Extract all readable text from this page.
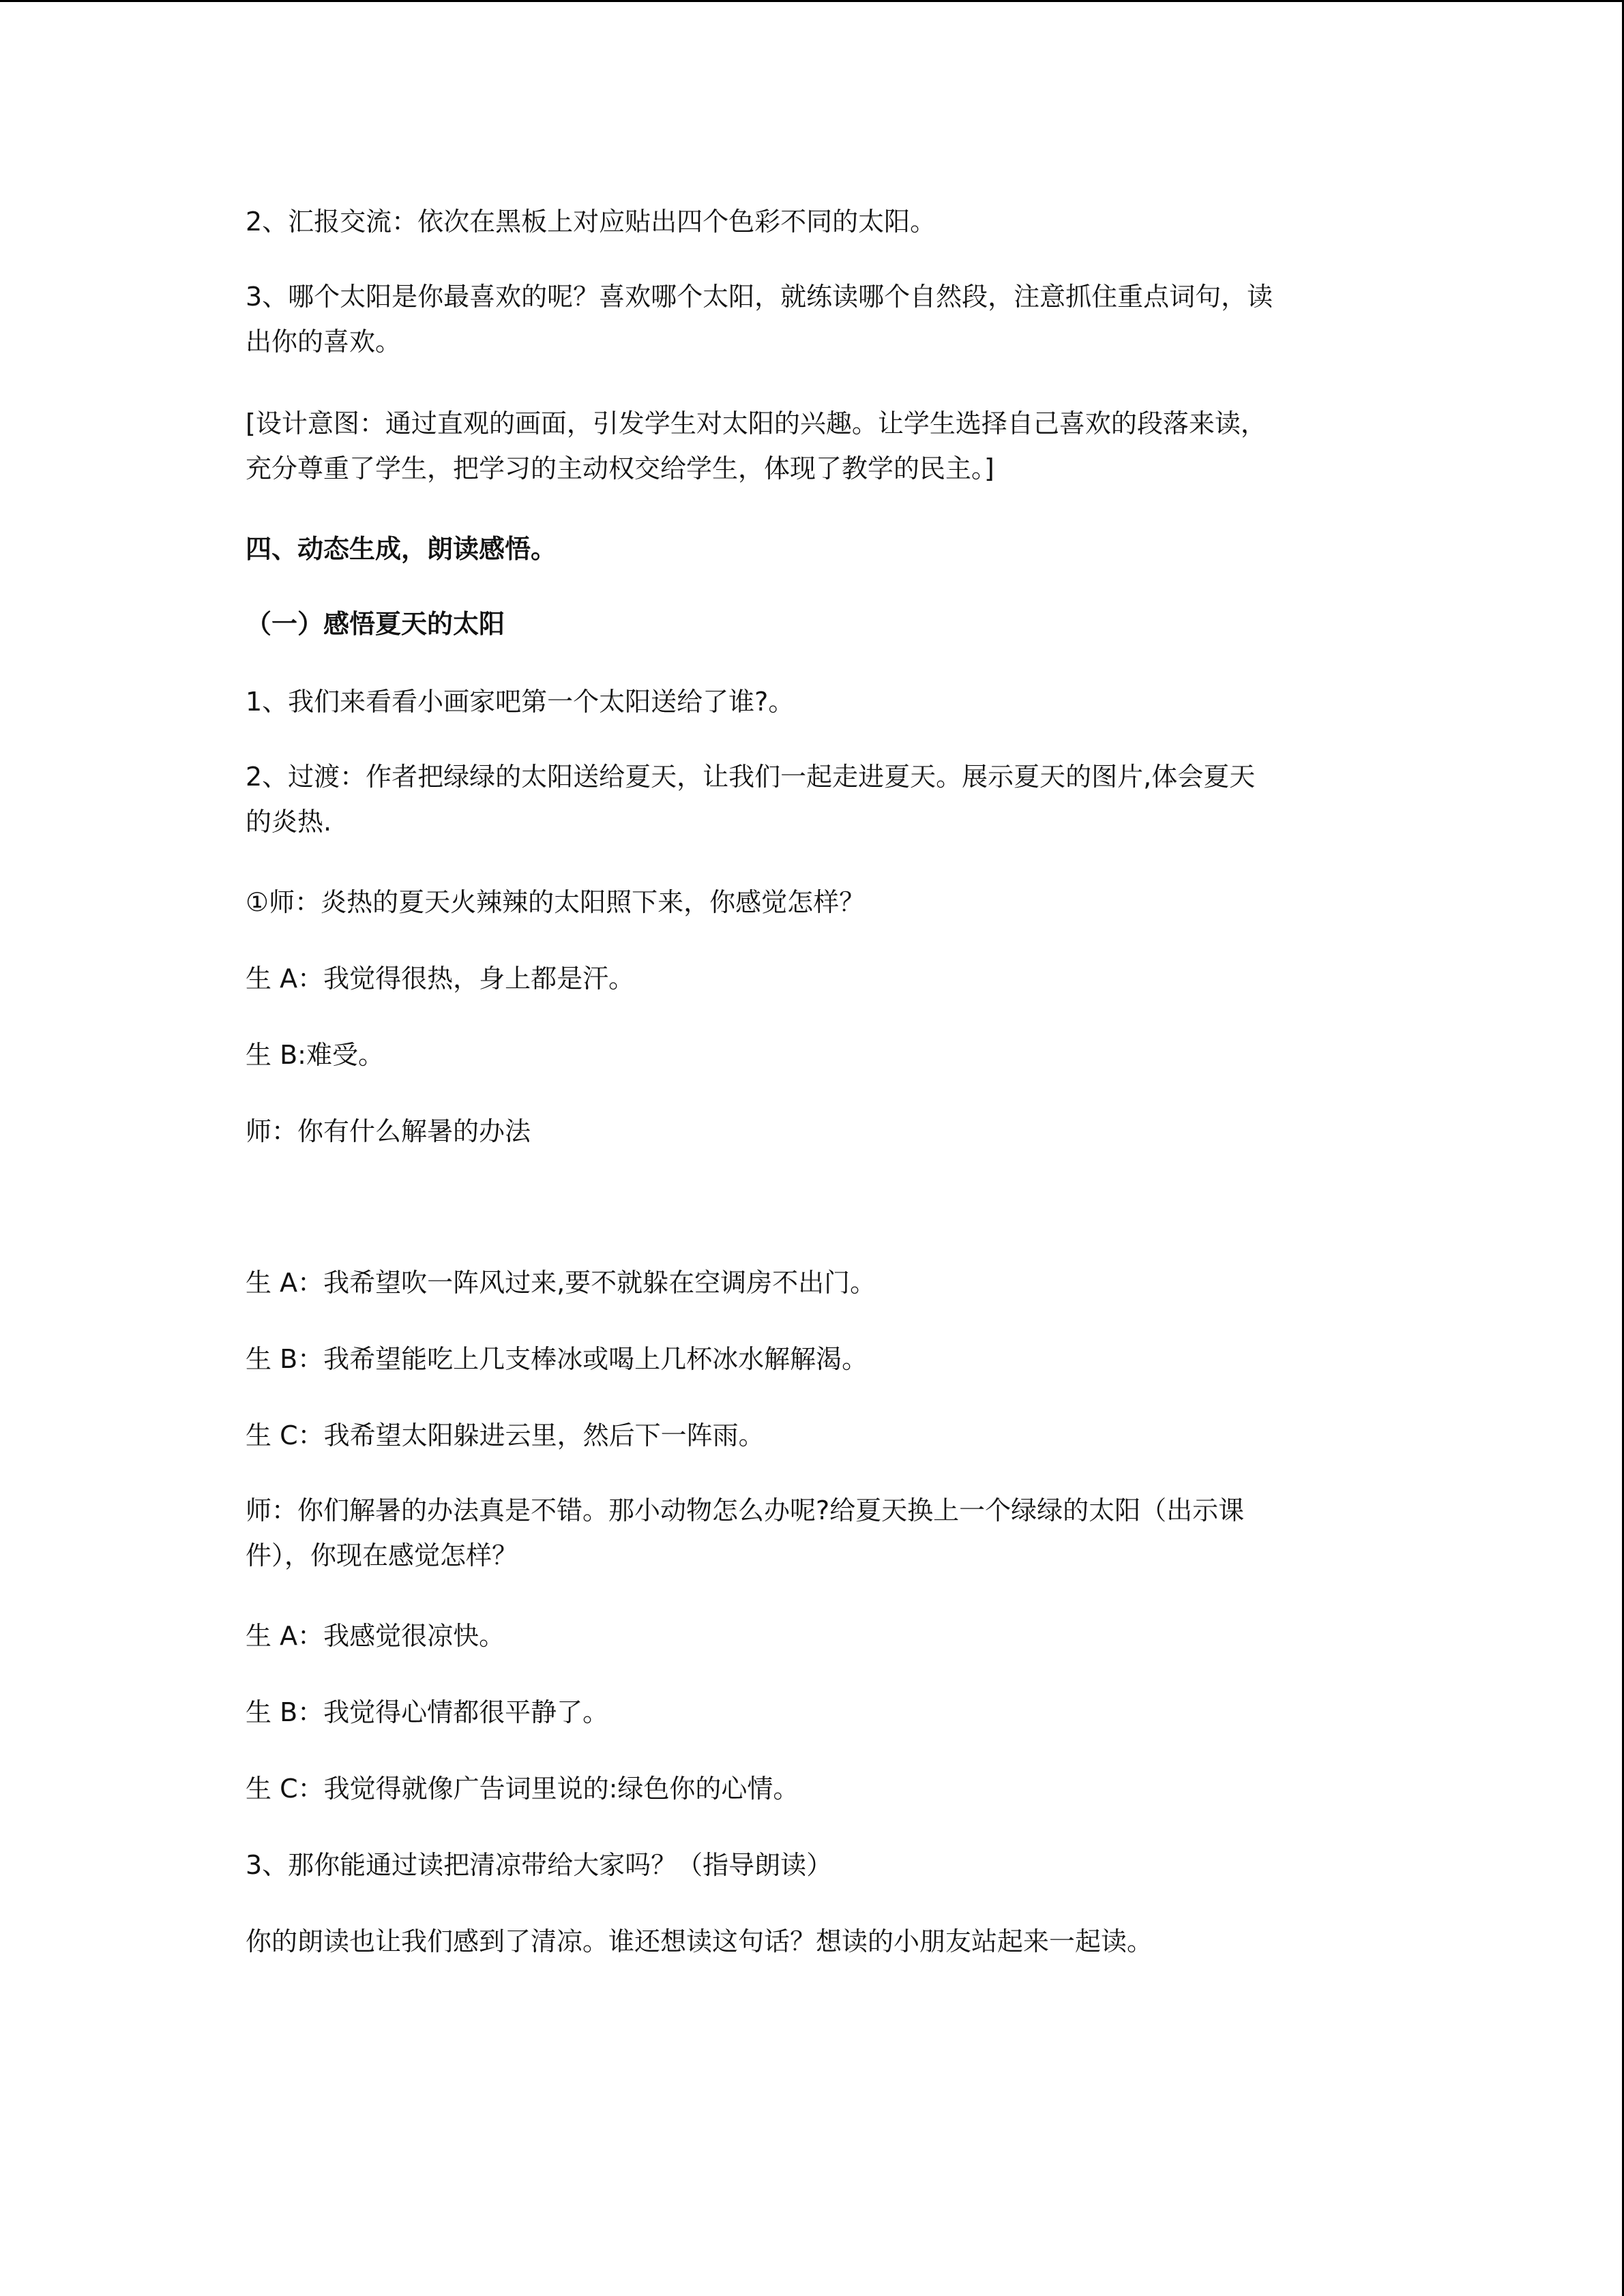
2、汇报交流：依次在黑板上对应贴出四个色彩不同的太阳。

3、哪个太阳是你最喜欢的呢？喜欢哪个太阳，就练读哪个自然段，注意抓住重点词句，读
出你的喜欢。

[设计意图：通过直观的画面，引发学生对太阳的兴趣。让学生选择自己喜欢的段落来读，
充分尊重了学生，把学习的主动权交给学生，体现了教学的民主。]

四、动态生成，朗读感悟。

（一）感悟夏天的太阳

1、我们来看看小画家吧第一个太阳送给了谁?。

2、过渡：作者把绿绿的太阳送给夏天，让我们一起走进夏天。展示夏天的图片,体会夏天
的炎热.

①师：炎热的夏天火辣辣的太阳照下来，你感觉怎样？

生 A：我觉得很热，身上都是汗。

生 B:难受。

师：你有什么解暑的办法

生 A：我希望吹一阵风过来,要不就躲在空调房不出门。

生 B：我希望能吃上几支棒冰或喝上几杯冰水解解渴。

生 C：我希望太阳躲进云里，然后下一阵雨。

师：你们解暑的办法真是不错。那小动物怎么办呢?给夏天换上一个绿绿的太阳（出示课
件），你现在感觉怎样？

生 A：我感觉很凉快。

生 B：我觉得心情都很平静了。

生 C：我觉得就像广告词里说的:绿色你的心情。

3、那你能通过读把清凉带给大家吗？（指导朗读）

你的朗读也让我们感到了清凉。谁还想读这句话？想读的小朋友站起来一起读。
